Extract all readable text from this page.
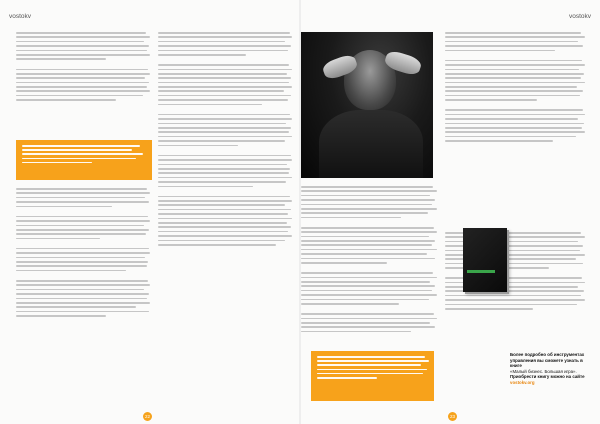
vostokv	vostokv
Более подробно об инструментах
управления вы сможете узнать в книге
«Малый бизнес. Большая игра».
Приобрести книгу можно на сайте
vostokv.org
22	23
